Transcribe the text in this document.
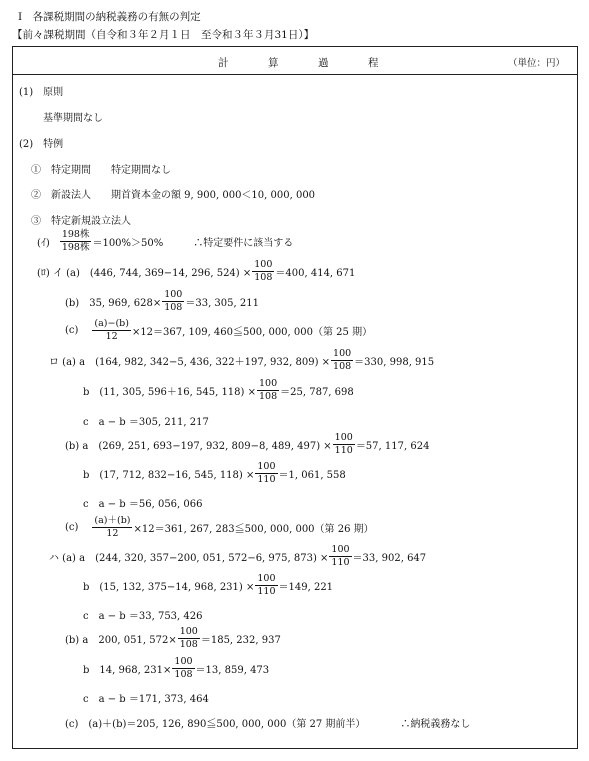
Ⅰ　各課税期間の納税義務の有無の判定
【前々課税期間（自令和３年２月１日　至令和３年３月31日）】
計	算	過	程	（単位：円）
(1)　原則
基準期間なし
(2)　特例
①　特定期間　　特定期間なし
②　新設法人　　期首資本金の額 9, 900, 000＜10, 000, 000
③　特定新規設立法人
(ｲ) $\frac{\text{198株}}{\text{198株}} =100\%>50\%$　　　∴特定要件に該当する
(ﾛ) イ (a)　(446, 744, 369−14, 296, $524) \times \frac{100}{108} =400$, 414, 671
(b)　35, 969, $628\times \frac{100}{108} =33$, 305, 211
$(c) \frac{(a)-(b)}{12} \times 12=367$, 109, 460≦500, 000, 000（第 25 期）
ロ (a) a　(164, 982, 342−5, 436, 322＋197, 932, $809) \times \frac{100}{108} =330$, 998, 915
b　(11, 305, 596＋16, 545, $118) \times \frac{100}{108} =25$, 787, 698
c　a − b ＝305, 211, 217
(b) a　(269, 251, 693−197, 932, 809−8, 489, $497) \times \frac{100}{110} =57$, 117, 624
b　(17, 712, 832−16, 545, $118) \times \frac{100}{110} =1$, 061, 558
c　a − b ＝56, 056, 066
$(c) \frac{(a)+(b)}{12} \times 12=361$, 267, 283≦500, 000, 000（第 26 期）
ハ (a) a　(244, 320, 357−200, 051, 572−6, 975, $873) \times \frac{100}{110} =33$, 902, 647
b　(15, 132, 375−14, 968, $231) \times \frac{100}{110} =149$, 221
c　a − b ＝33, 753, 426
(b) a　200, 051, $572\times \frac{100}{108} =185$, 232, 937
b　14, 968, $231\times \frac{100}{108} =13$, 859, 473
c　a − b ＝171, 373, 464
(c)　(a)＋(b)＝205, 126, 890≦500, 000, 000（第 27 期前半）　　　　∴納税義務なし
